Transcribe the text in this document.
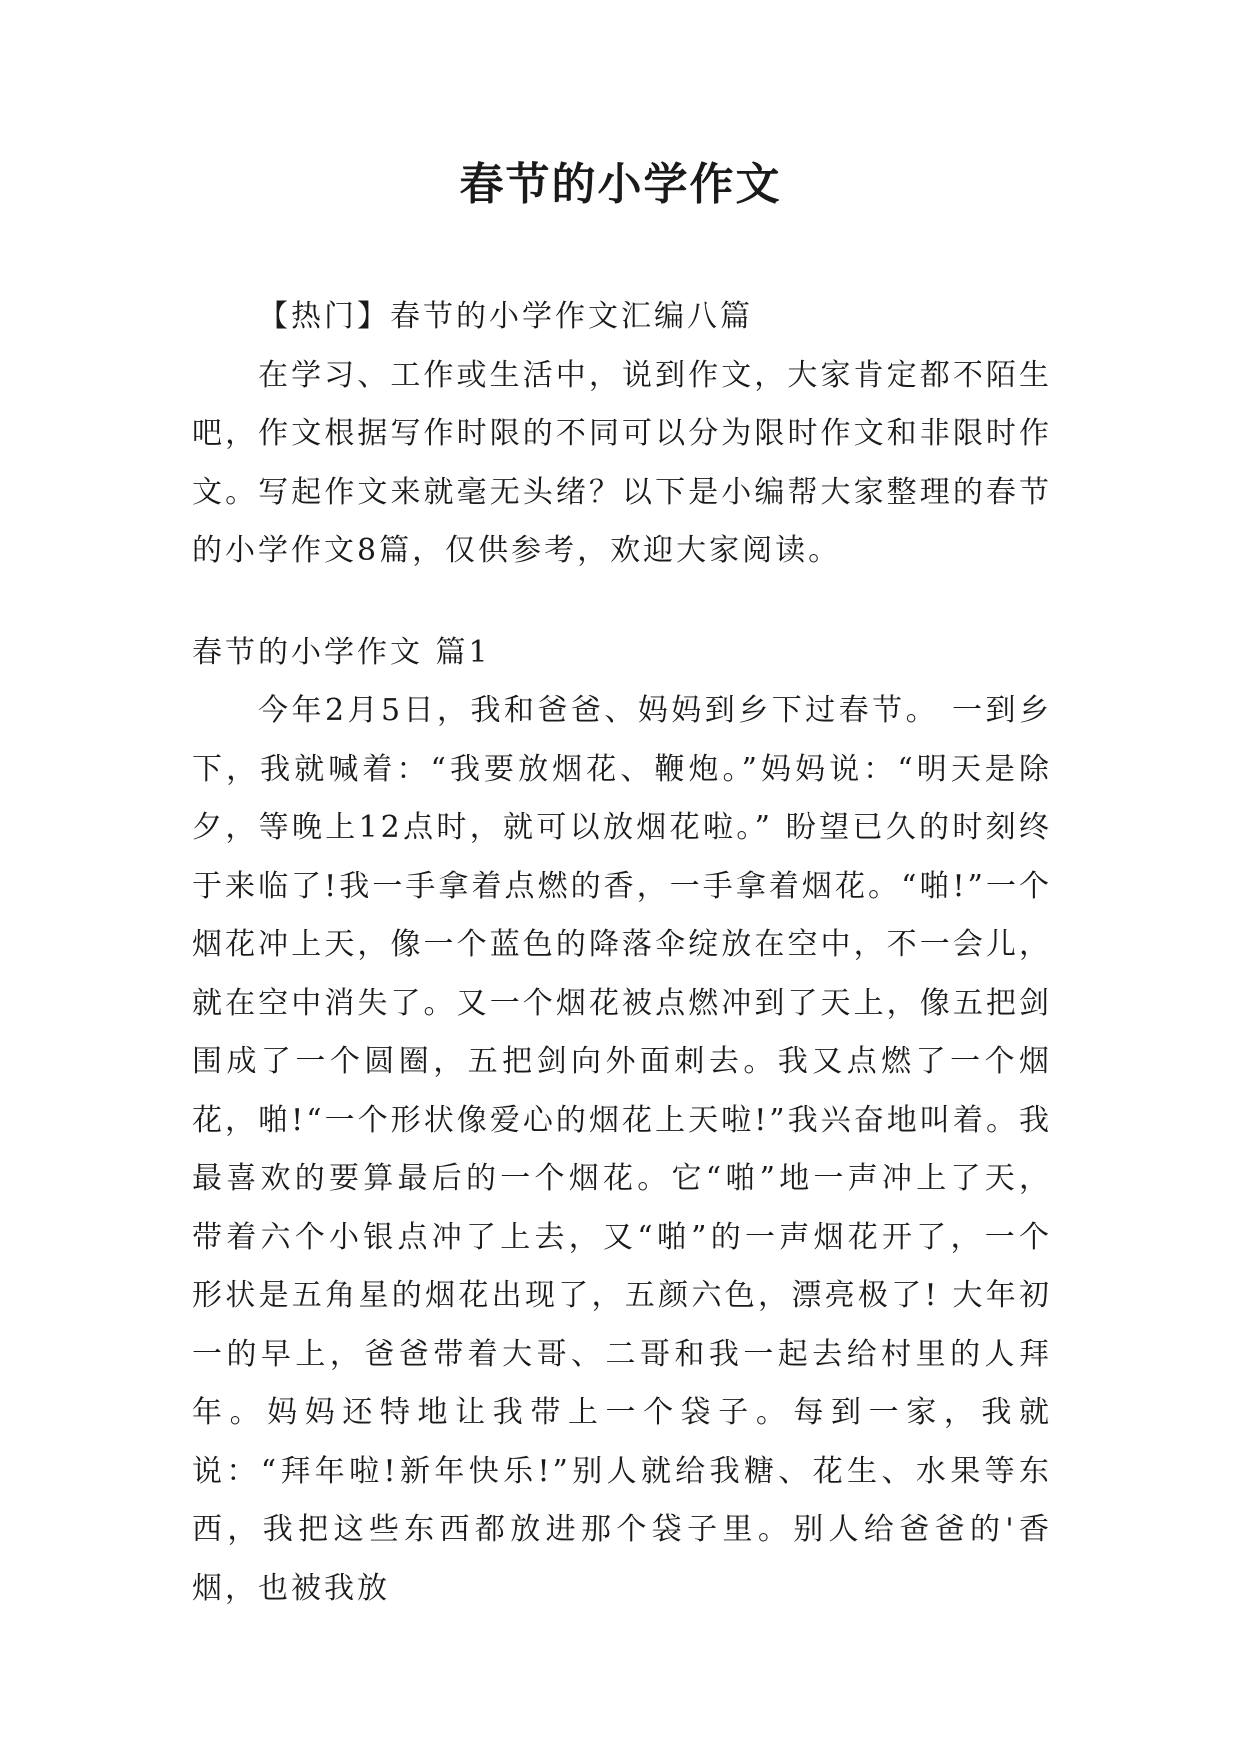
春节的小学作文

【热门】春节的小学作文汇编八篇

在学习、工作或生活中，说到作文，大家肯定都不陌生吧，作文根据写作时限的不同可以分为限时作文和非限时作文。写起作文来就毫无头绪？以下是小编帮大家整理的春节的小学作文8篇，仅供参考，欢迎大家阅读。

春节的小学作文 篇1

今年2月5日，我和爸爸、妈妈到乡下过春节。 一到乡下，我就喊着：“我要放烟花、鞭炮。”妈妈说：“明天是除夕，等晚上12点时，就可以放烟花啦。” 盼望已久的时刻终于来临了!我一手拿着点燃的香，一手拿着烟花。“啪!”一个烟花冲上天，像一个蓝色的降落伞绽放在空中，不一会儿，就在空中消失了。又一个烟花被点燃冲到了天上，像五把剑围成了一个圆圈，五把剑向外面刺去。我又点燃了一个烟花，啪!“一个形状像爱心的烟花上天啦!”我兴奋地叫着。我最喜欢的要算最后的一个烟花。它“啪”地一声冲上了天，带着六个小银点冲了上去，又“啪”的一声烟花开了，一个形状是五角星的烟花出现了，五颜六色，漂亮极了! 大年初一的早上，爸爸带着大哥、二哥和我一起去给村里的人拜年。妈妈还特地让我带上一个袋子。每到一家，我就说：“拜年啦!新年快乐!”别人就给我糖、花生、水果等东西，我把这些东西都放进那个袋子里。别人给爸爸的'香烟，也被我放
